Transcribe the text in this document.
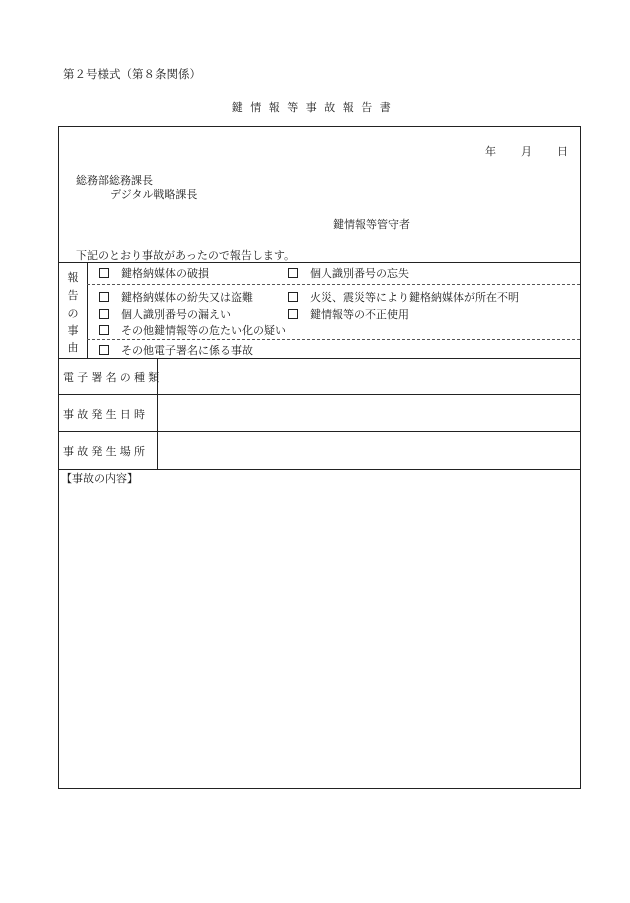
第２号様式（第８条関係）
鍵情報等事故報告書
年 月 日
総務部総務課長
デジタル戦略課長
鍵情報等管守者
下記のとおり事故があったので報告します。
報
告
の
事
由
鍵格納媒体の破損	個人識別番号の忘失
鍵格納媒体の紛失又は盗難	火災、震災等により鍵格納媒体が所在不明
個人識別番号の漏えい	鍵情報等の不正使用
その他鍵情報等の危たい化の疑い
その他電子署名に係る事故
電子署名の種類
事故発生日時
事故発生場所
【事故の内容】
